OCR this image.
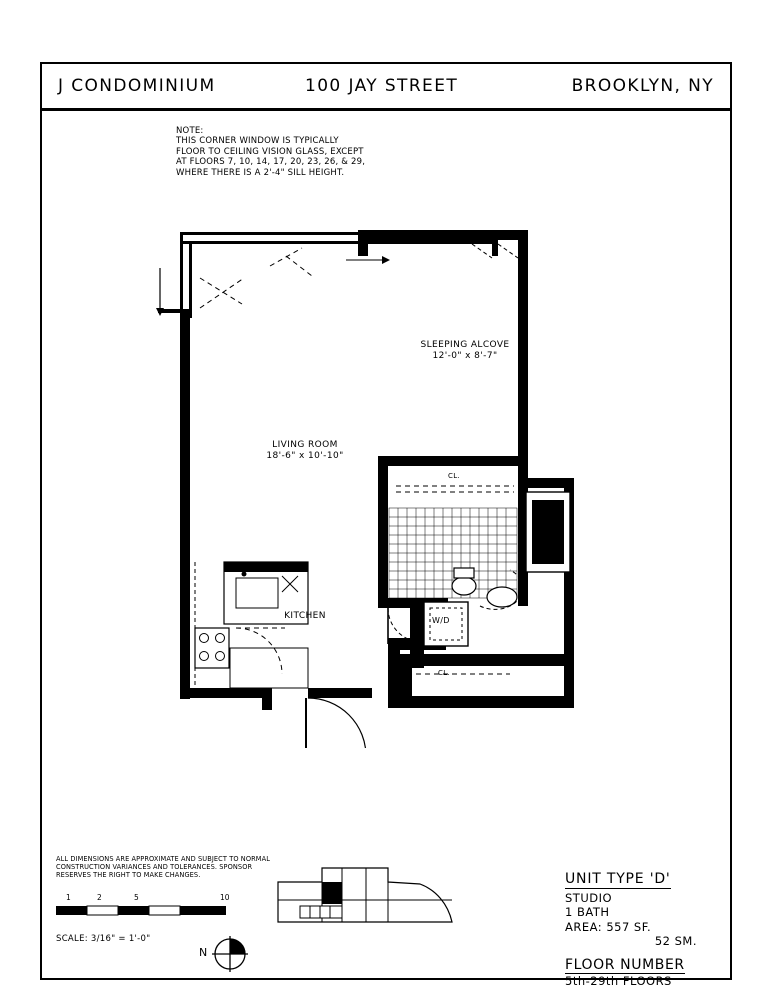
J CONDOMINIUM	100 JAY STREET	BROOKLYN, NY
NOTE:
THIS CORNER WINDOW IS TYPICALLY FLOOR TO CEILING VISION GLASS, EXCEPT AT FLOORS 7, 10, 14, 17, 20, 23, 26, & 29, WHERE THERE IS A 2'-4" SILL HEIGHT.
SLEEPING ALCOVE
12'-0" x 8'-7"
LIVING ROOM
18'-6" x 10'-10"
KITCHEN
CL.
W/D
CL.
ALL DIMENSIONS ARE APPROXIMATE AND SUBJECT TO NORMAL CONSTRUCTION VARIANCES AND TOLERANCES. SPONSOR RESERVES THE RIGHT TO MAKE CHANGES.
1	2	5	10
SCALE: 3/16" = 1'-0"
N
UNIT TYPE 'D'
STUDIO
1 BATH
AREA: 557 SF.
52 SM.
FLOOR NUMBER
5th-29th FLOORS
